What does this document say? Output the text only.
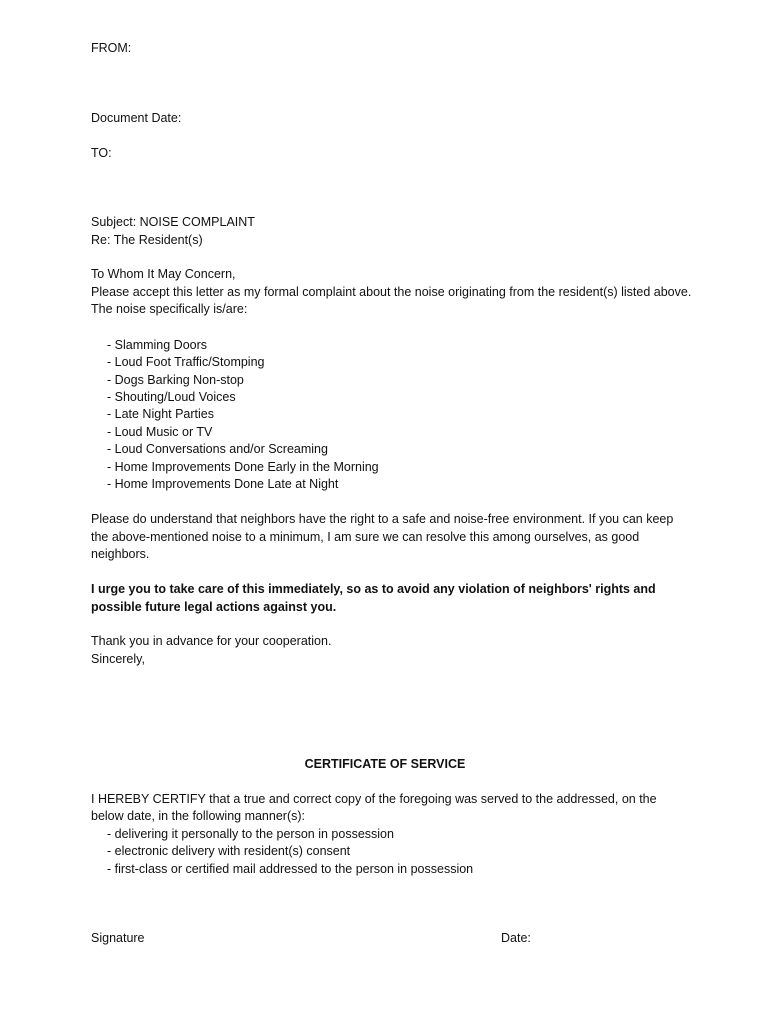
FROM:
Document Date:
TO:
Subject: NOISE COMPLAINT
Re: The Resident(s)
To Whom It May Concern,
Please accept this letter as my formal complaint about the noise originating from the resident(s) listed above.
The noise specifically is/are:
- Slamming Doors
- Loud Foot Traffic/Stomping
- Dogs Barking Non-stop
- Shouting/Loud Voices
- Late Night Parties
- Loud Music or TV
- Loud Conversations and/or Screaming
- Home Improvements Done Early in the Morning
- Home Improvements Done Late at Night
Please do understand that neighbors have the right to a safe and noise-free environment. If you can keep
the above-mentioned noise to a minimum, I am sure we can resolve this among ourselves, as good
neighbors.
I urge you to take care of this immediately, so as to avoid any violation of neighbors' rights and
possible future legal actions against you.
Thank you in advance for your cooperation.
Sincerely,
CERTIFICATE OF SERVICE
I HEREBY CERTIFY that a true and correct copy of the foregoing was served to the addressed, on the
below date, in the following manner(s):
- delivering it personally to the person in possession
- electronic delivery with resident(s) consent
- first-class or certified mail addressed to the person in possession
Signature	Date:
